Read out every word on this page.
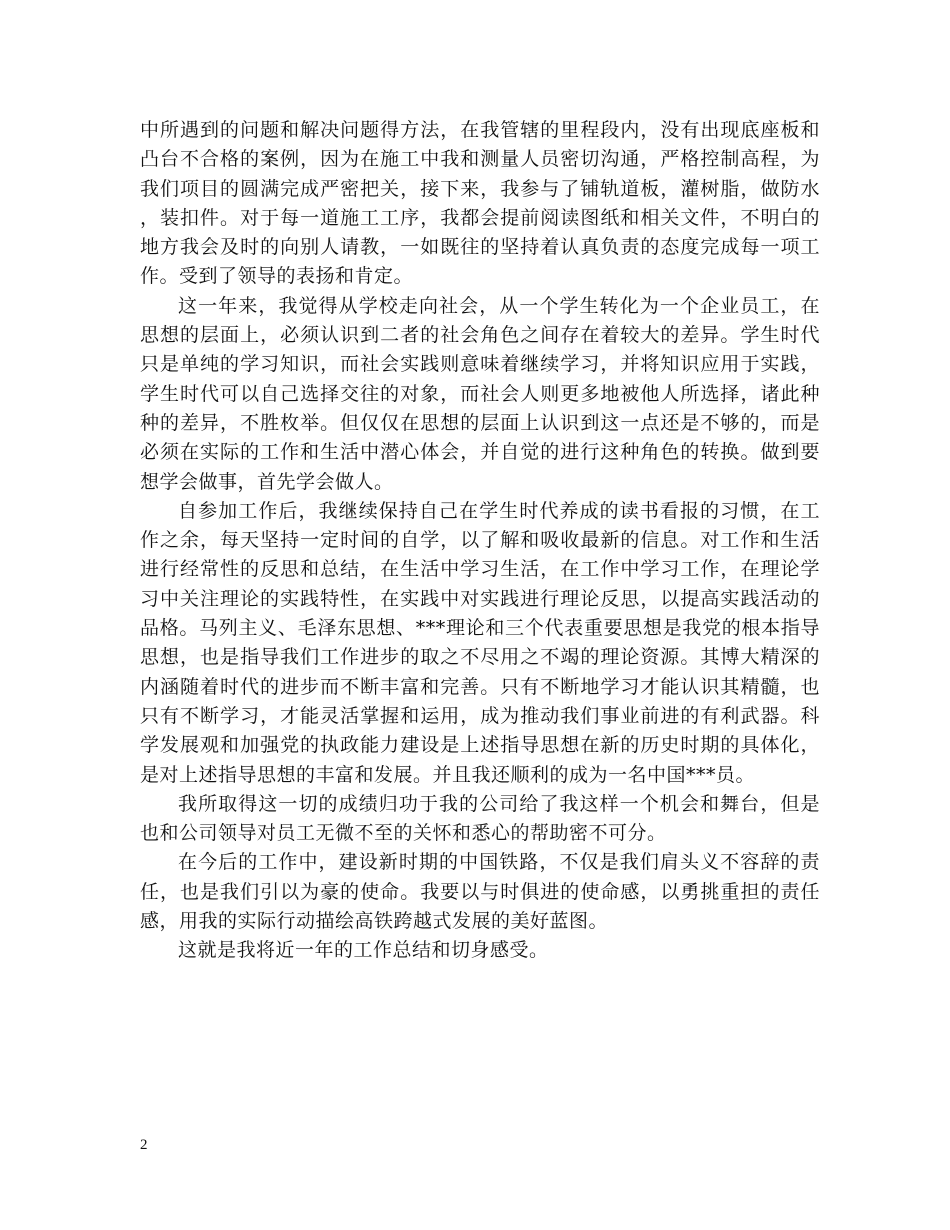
中所遇到的问题和解决问题得方法，在我管辖的里程段内，没有出现底座板和凸台不合格的案例，因为在施工中我和测量人员密切沟通，严格控制高程，为我们项目的圆满完成严密把关，接下来，我参与了铺轨道板，灌树脂，做防水，装扣件。对于每一道施工工序，我都会提前阅读图纸和相关文件，不明白的地方我会及时的向别人请教，一如既往的坚持着认真负责的态度完成每一项工作。受到了领导的表扬和肯定。

这一年来，我觉得从学校走向社会，从一个学生转化为一个企业员工，在思想的层面上，必须认识到二者的社会角色之间存在着较大的差异。学生时代只是单纯的学习知识，而社会实践则意味着继续学习，并将知识应用于实践，学生时代可以自己选择交往的对象，而社会人则更多地被他人所选择，诸此种种的差异，不胜枚举。但仅仅在思想的层面上认识到这一点还是不够的，而是必须在实际的工作和生活中潜心体会，并自觉的进行这种角色的转换。做到要想学会做事，首先学会做人。

自参加工作后，我继续保持自己在学生时代养成的读书看报的习惯，在工作之余，每天坚持一定时间的自学，以了解和吸收最新的信息。对工作和生活进行经常性的反思和总结，在生活中学习生活，在工作中学习工作，在理论学习中关注理论的实践特性，在实践中对实践进行理论反思，以提高实践活动的品格。马列主义、毛泽东思想、***理论和三个代表重要思想是我党的根本指导思想，也是指导我们工作进步的取之不尽用之不竭的理论资源。其博大精深的内涵随着时代的进步而不断丰富和完善。只有不断地学习才能认识其精髓，也只有不断学习，才能灵活掌握和运用，成为推动我们事业前进的有利武器。科学发展观和加强党的执政能力建设是上述指导思想在新的历史时期的具体化，是对上述指导思想的丰富和发展。并且我还顺利的成为一名中国***员。

我所取得这一切的成绩归功于我的公司给了我这样一个机会和舞台，但是也和公司领导对员工无微不至的关怀和悉心的帮助密不可分。

在今后的工作中，建设新时期的中国铁路，不仅是我们肩头义不容辞的责任，也是我们引以为豪的使命。我要以与时俱进的使命感，以勇挑重担的责任感，用我的实际行动描绘高铁跨越式发展的美好蓝图。

这就是我将近一年的工作总结和切身感受。

2
